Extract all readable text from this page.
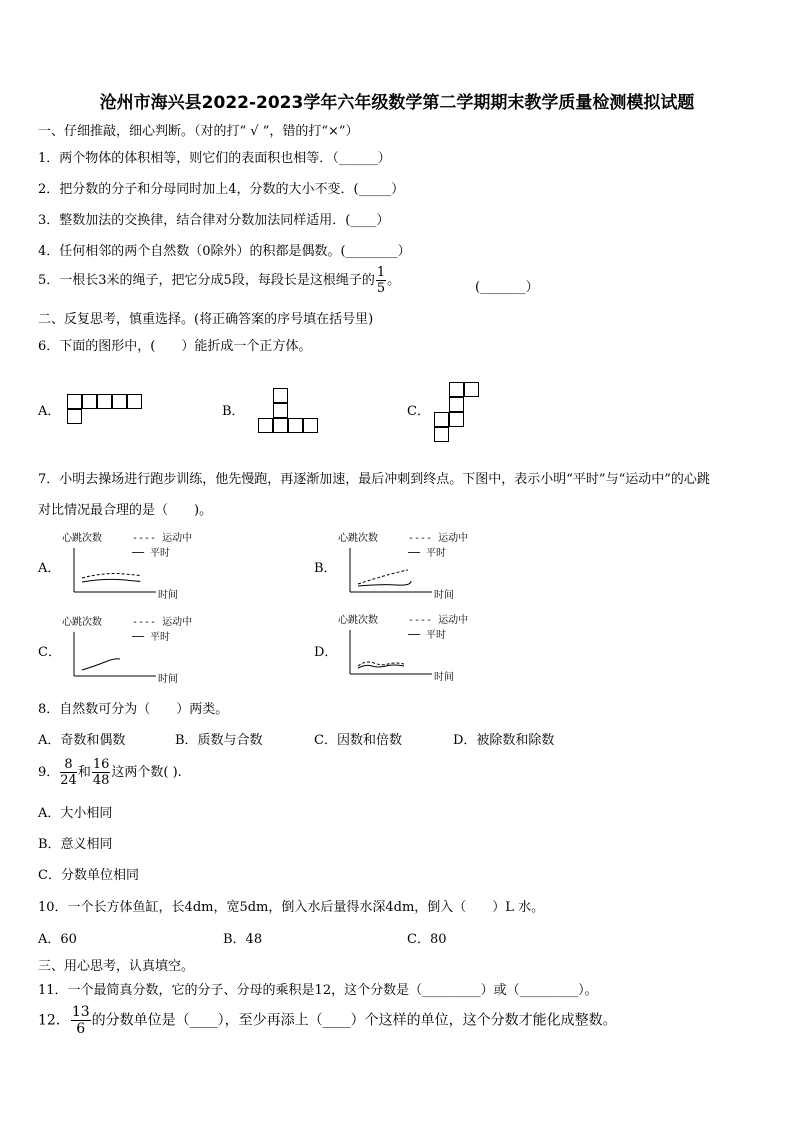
沧州市海兴县2022-2023学年六年级数学第二学期期末教学质量检测模拟试题
一、仔细推敲，细心判断。（对的打“ √ ”，错的打“×”）
1．两个物体的体积相等，则它们的表面积也相等．（______）
2．把分数的分子和分母同时加上4，分数的大小不变．(_____）
3．整数加法的交换律，结合律对分数加法同样适用．(____）
4．任何相邻的两个自然数（0除外）的积都是偶数。(________）
5．一根长3米的绳子，把它分成5段，每段长是这根绳子的 $\frac{1}{5}$ 。	(_______）
二、反复思考，慎重选择。(将正确答案的序号填在括号里)
6．下面的图形中，(　　）能折成一个正方体。
A．	B．	C．
7．小明去操场进行跑步训练，他先慢跑，再逐渐加速，最后冲刺到终点。下图中，表示小明“平时”与“运动中”的心跳
对比情况最合理的是（　　)。
A．
心跳次数	---- 运动中
── 平时
时间
B．
心跳次数	---- 运动中
── 平时
时间
C．
心跳次数	---- 运动中
── 平时
时间
D．
心跳次数	---- 运动中
── 平时
时间
8．自然数可分为（　　）两类。
A．奇数和偶数	B．质数与合数	C．因数和倍数	D．被除数和除数
9． $\frac{8}{24}$ 和 $\frac{16}{48}$ 这两个数( ).
A．大小相同
B．意义相同
C．分数单位相同
10．一个长方体鱼缸，长4dm，宽5dm，倒入水后量得水深4dm，倒入（　　）L 水。
A．60	B．48	C．80
三、用心思考，认真填空。
11．一个最简真分数，它的分子、分母的乘积是12，这个分数是（_________）或（_________）。
12． $\frac{13}{6}$ 的分数单位是（____），至少再添上（____）个这样的单位，这个分数才能化成整数。
